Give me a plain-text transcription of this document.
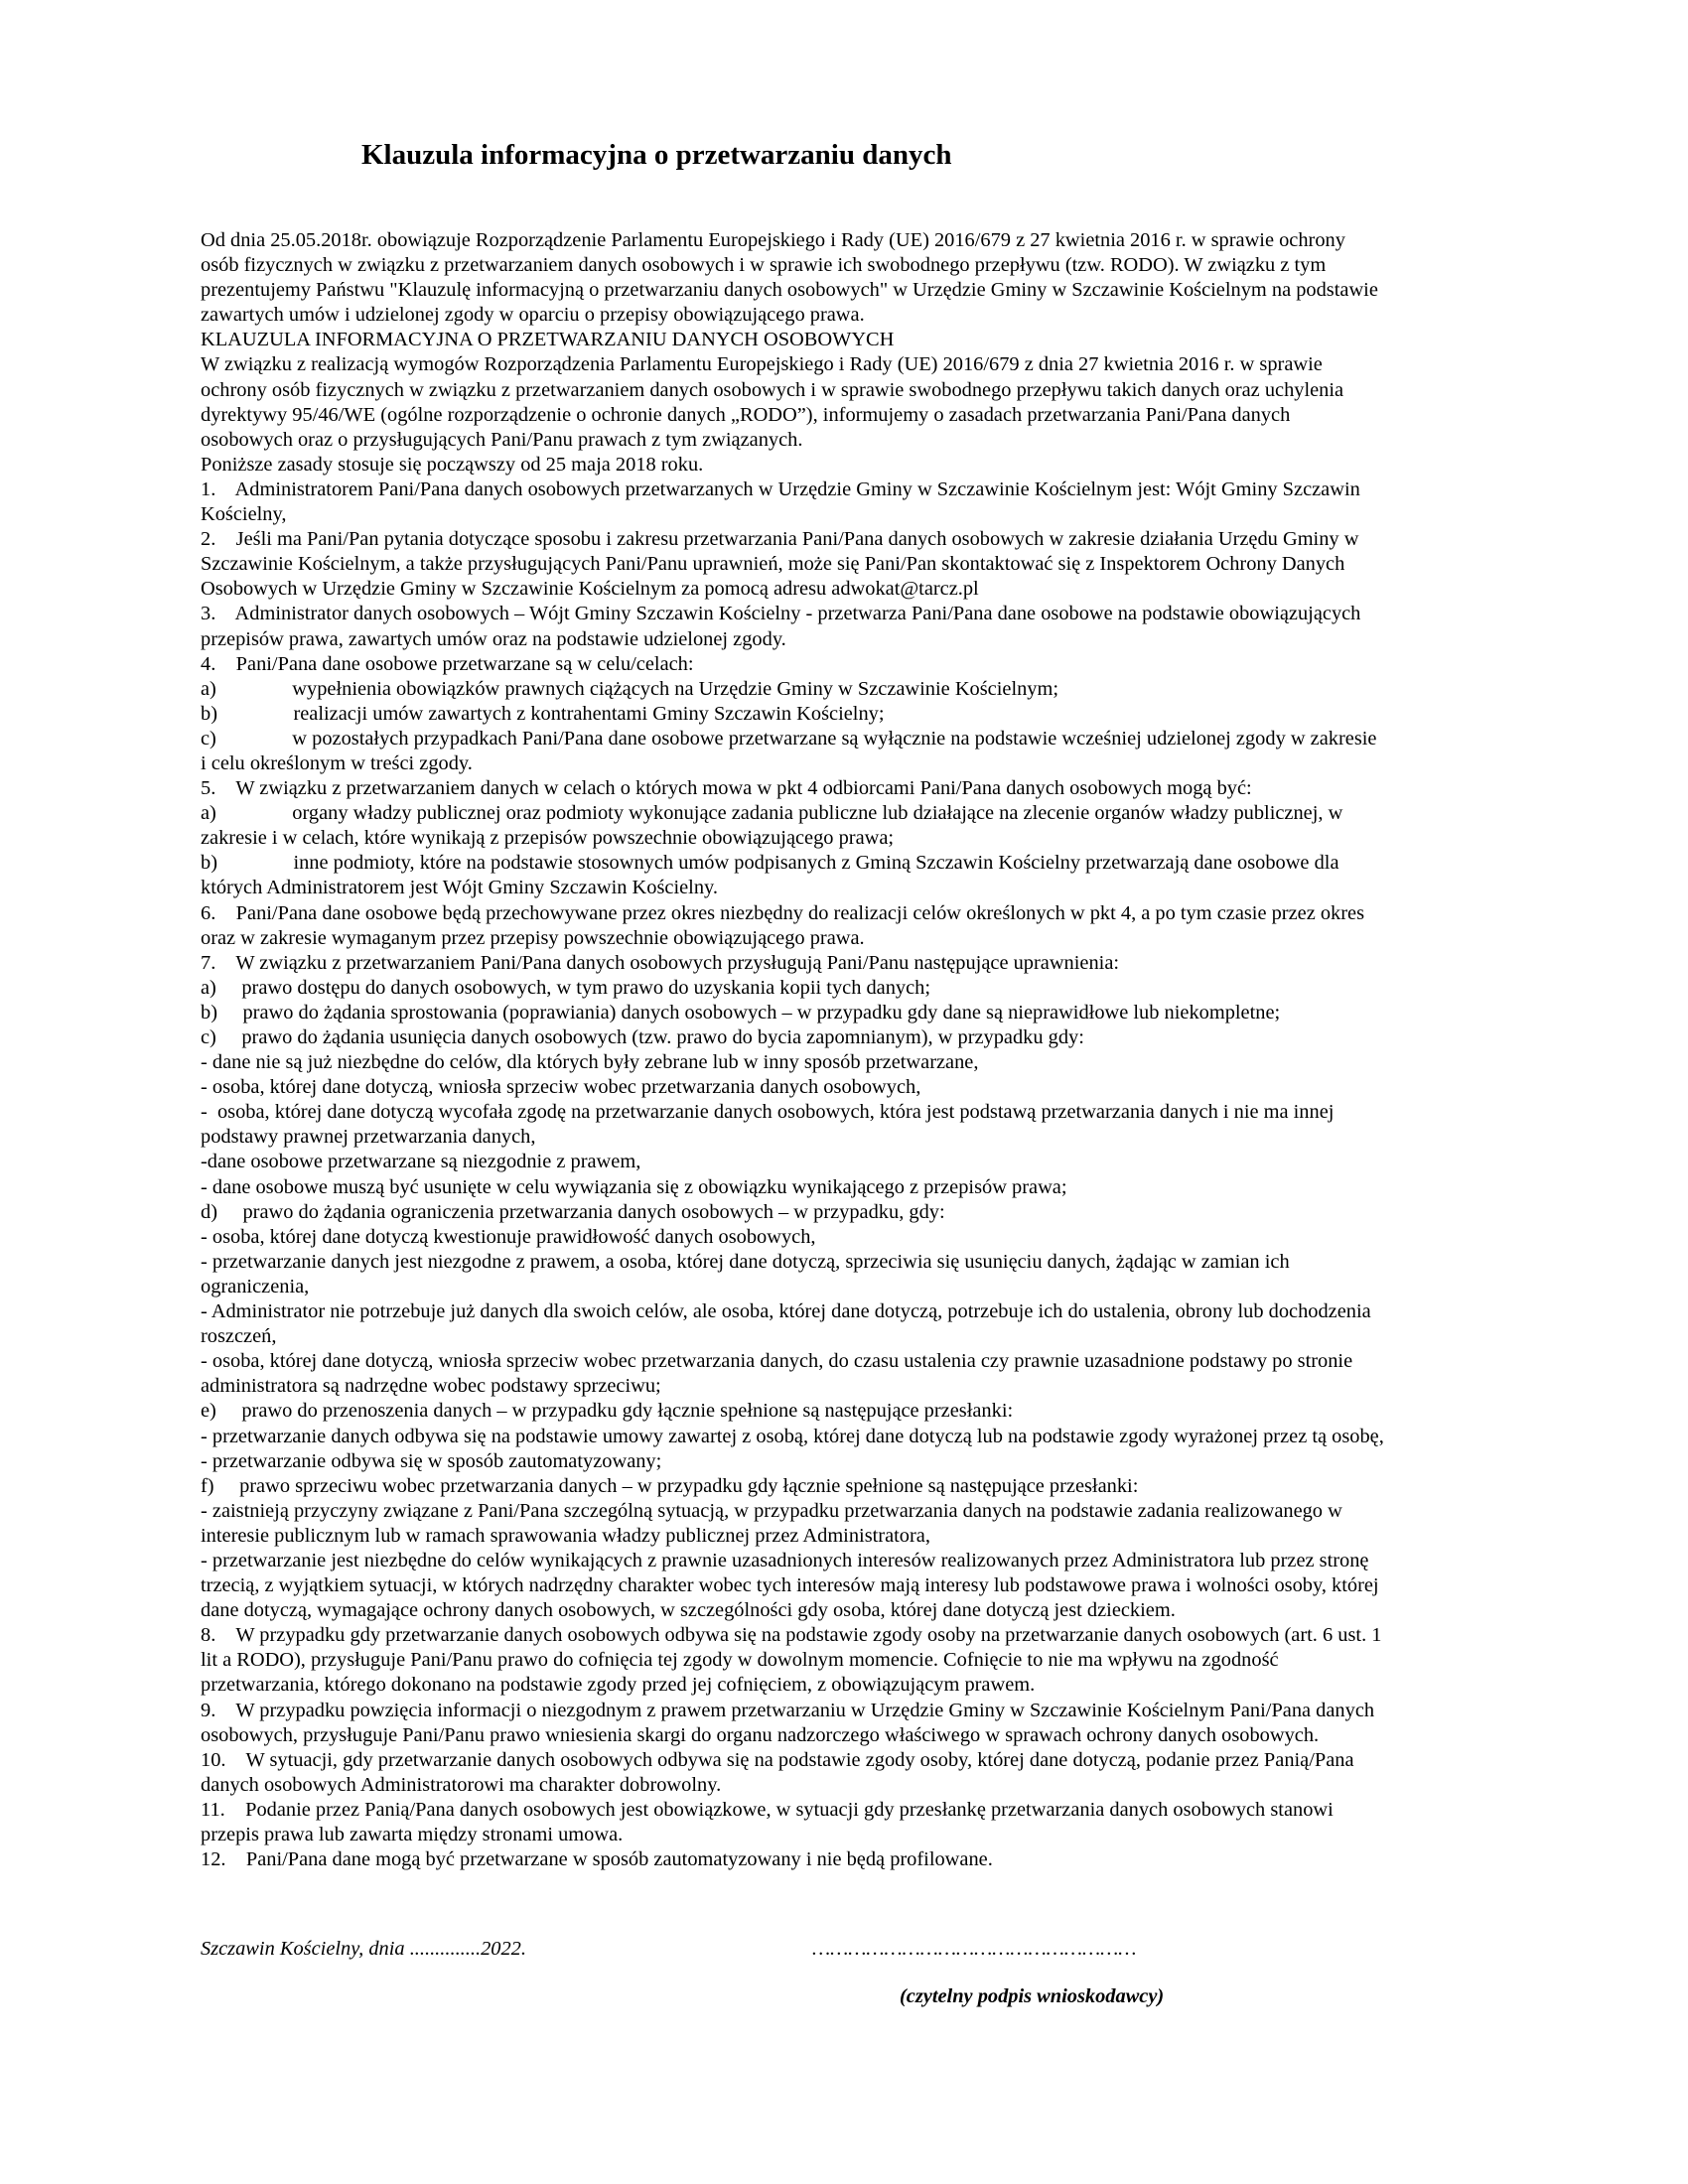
Klauzula informacyjna o przetwarzaniu danych
Od dnia 25.05.2018r. obowiązuje Rozporządzenie Parlamentu Europejskiego i Rady (UE) 2016/679 z 27 kwietnia 2016 r. w sprawie ochrony
osób fizycznych w związku z przetwarzaniem danych osobowych i w sprawie ich swobodnego przepływu (tzw. RODO). W związku z tym
prezentujemy Państwu "Klauzulę informacyjną o przetwarzaniu danych osobowych" w Urzędzie Gminy w Szczawinie Kościelnym na podstawie
zawartych umów i udzielonej zgody w oparciu o przepisy obowiązującego prawa.
KLAUZULA INFORMACYJNA O PRZETWARZANIU DANYCH OSOBOWYCH
W związku z realizacją wymogów Rozporządzenia Parlamentu Europejskiego i Rady (UE) 2016/679 z dnia 27 kwietnia 2016 r. w sprawie
ochrony osób fizycznych w związku z przetwarzaniem danych osobowych i w sprawie swobodnego przepływu takich danych oraz uchylenia
dyrektywy 95/46/WE (ogólne rozporządzenie o ochronie danych „RODO”), informujemy o zasadach przetwarzania Pani/Pana danych
osobowych oraz o przysługujących Pani/Panu prawach z tym związanych.
Poniższe zasady stosuje się począwszy od 25 maja 2018 roku.
1.    Administratorem Pani/Pana danych osobowych przetwarzanych w Urzędzie Gminy w Szczawinie Kościelnym jest: Wójt Gminy Szczawin
Kościelny,
2.    Jeśli ma Pani/Pan pytania dotyczące sposobu i zakresu przetwarzania Pani/Pana danych osobowych w zakresie działania Urzędu Gminy w
Szczawinie Kościelnym, a także przysługujących Pani/Panu uprawnień, może się Pani/Pan skontaktować się z Inspektorem Ochrony Danych
Osobowych w Urzędzie Gminy w Szczawinie Kościelnym za pomocą adresu adwokat@tarcz.pl
3.    Administrator danych osobowych – Wójt Gminy Szczawin Kościelny - przetwarza Pani/Pana dane osobowe na podstawie obowiązujących
przepisów prawa, zawartych umów oraz na podstawie udzielonej zgody.
4.    Pani/Pana dane osobowe przetwarzane są w celu/celach:
a)               wypełnienia obowiązków prawnych ciążących na Urzędzie Gminy w Szczawinie Kościelnym;
b)               realizacji umów zawartych z kontrahentami Gminy Szczawin Kościelny;
c)               w pozostałych przypadkach Pani/Pana dane osobowe przetwarzane są wyłącznie na podstawie wcześniej udzielonej zgody w zakresie
i celu określonym w treści zgody.
5.    W związku z przetwarzaniem danych w celach o których mowa w pkt 4 odbiorcami Pani/Pana danych osobowych mogą być:
a)               organy władzy publicznej oraz podmioty wykonujące zadania publiczne lub działające na zlecenie organów władzy publicznej, w
zakresie i w celach, które wynikają z przepisów powszechnie obowiązującego prawa;
b)               inne podmioty, które na podstawie stosownych umów podpisanych z Gminą Szczawin Kościelny przetwarzają dane osobowe dla
których Administratorem jest Wójt Gminy Szczawin Kościelny.
6.    Pani/Pana dane osobowe będą przechowywane przez okres niezbędny do realizacji celów określonych w pkt 4, a po tym czasie przez okres
oraz w zakresie wymaganym przez przepisy powszechnie obowiązującego prawa.
7.    W związku z przetwarzaniem Pani/Pana danych osobowych przysługują Pani/Panu następujące uprawnienia:
a)     prawo dostępu do danych osobowych, w tym prawo do uzyskania kopii tych danych;
b)     prawo do żądania sprostowania (poprawiania) danych osobowych – w przypadku gdy dane są nieprawidłowe lub niekompletne;
c)     prawo do żądania usunięcia danych osobowych (tzw. prawo do bycia zapomnianym), w przypadku gdy:
- dane nie są już niezbędne do celów, dla których były zebrane lub w inny sposób przetwarzane,
- osoba, której dane dotyczą, wniosła sprzeciw wobec przetwarzania danych osobowych,
-  osoba, której dane dotyczą wycofała zgodę na przetwarzanie danych osobowych, która jest podstawą przetwarzania danych i nie ma innej
podstawy prawnej przetwarzania danych,
-dane osobowe przetwarzane są niezgodnie z prawem,
- dane osobowe muszą być usunięte w celu wywiązania się z obowiązku wynikającego z przepisów prawa;
d)     prawo do żądania ograniczenia przetwarzania danych osobowych – w przypadku, gdy:
- osoba, której dane dotyczą kwestionuje prawidłowość danych osobowych,
- przetwarzanie danych jest niezgodne z prawem, a osoba, której dane dotyczą, sprzeciwia się usunięciu danych, żądając w zamian ich
ograniczenia,
- Administrator nie potrzebuje już danych dla swoich celów, ale osoba, której dane dotyczą, potrzebuje ich do ustalenia, obrony lub dochodzenia
roszczeń,
- osoba, której dane dotyczą, wniosła sprzeciw wobec przetwarzania danych, do czasu ustalenia czy prawnie uzasadnione podstawy po stronie
administratora są nadrzędne wobec podstawy sprzeciwu;
e)     prawo do przenoszenia danych – w przypadku gdy łącznie spełnione są następujące przesłanki:
- przetwarzanie danych odbywa się na podstawie umowy zawartej z osobą, której dane dotyczą lub na podstawie zgody wyrażonej przez tą osobę,
- przetwarzanie odbywa się w sposób zautomatyzowany;
f)     prawo sprzeciwu wobec przetwarzania danych – w przypadku gdy łącznie spełnione są następujące przesłanki:
- zaistnieją przyczyny związane z Pani/Pana szczególną sytuacją, w przypadku przetwarzania danych na podstawie zadania realizowanego w
interesie publicznym lub w ramach sprawowania władzy publicznej przez Administratora,
- przetwarzanie jest niezbędne do celów wynikających z prawnie uzasadnionych interesów realizowanych przez Administratora lub przez stronę
trzecią, z wyjątkiem sytuacji, w których nadrzędny charakter wobec tych interesów mają interesy lub podstawowe prawa i wolności osoby, której
dane dotyczą, wymagające ochrony danych osobowych, w szczególności gdy osoba, której dane dotyczą jest dzieckiem.
8.    W przypadku gdy przetwarzanie danych osobowych odbywa się na podstawie zgody osoby na przetwarzanie danych osobowych (art. 6 ust. 1
lit a RODO), przysługuje Pani/Panu prawo do cofnięcia tej zgody w dowolnym momencie. Cofnięcie to nie ma wpływu na zgodność
przetwarzania, którego dokonano na podstawie zgody przed jej cofnięciem, z obowiązującym prawem.
9.    W przypadku powzięcia informacji o niezgodnym z prawem przetwarzaniu w Urzędzie Gminy w Szczawinie Kościelnym Pani/Pana danych
osobowych, przysługuje Pani/Panu prawo wniesienia skargi do organu nadzorczego właściwego w sprawach ochrony danych osobowych.
10.    W sytuacji, gdy przetwarzanie danych osobowych odbywa się na podstawie zgody osoby, której dane dotyczą, podanie przez Panią/Pana
danych osobowych Administratorowi ma charakter dobrowolny.
11.    Podanie przez Panią/Pana danych osobowych jest obowiązkowe, w sytuacji gdy przesłankę przetwarzania danych osobowych stanowi
przepis prawa lub zawarta między stronami umowa.
12.    Pani/Pana dane mogą być przetwarzane w sposób zautomatyzowany i nie będą profilowane.
Szczawin Kościelny, dnia ..............2022.	………………………………………………
(czytelny podpis wnioskodawcy)
